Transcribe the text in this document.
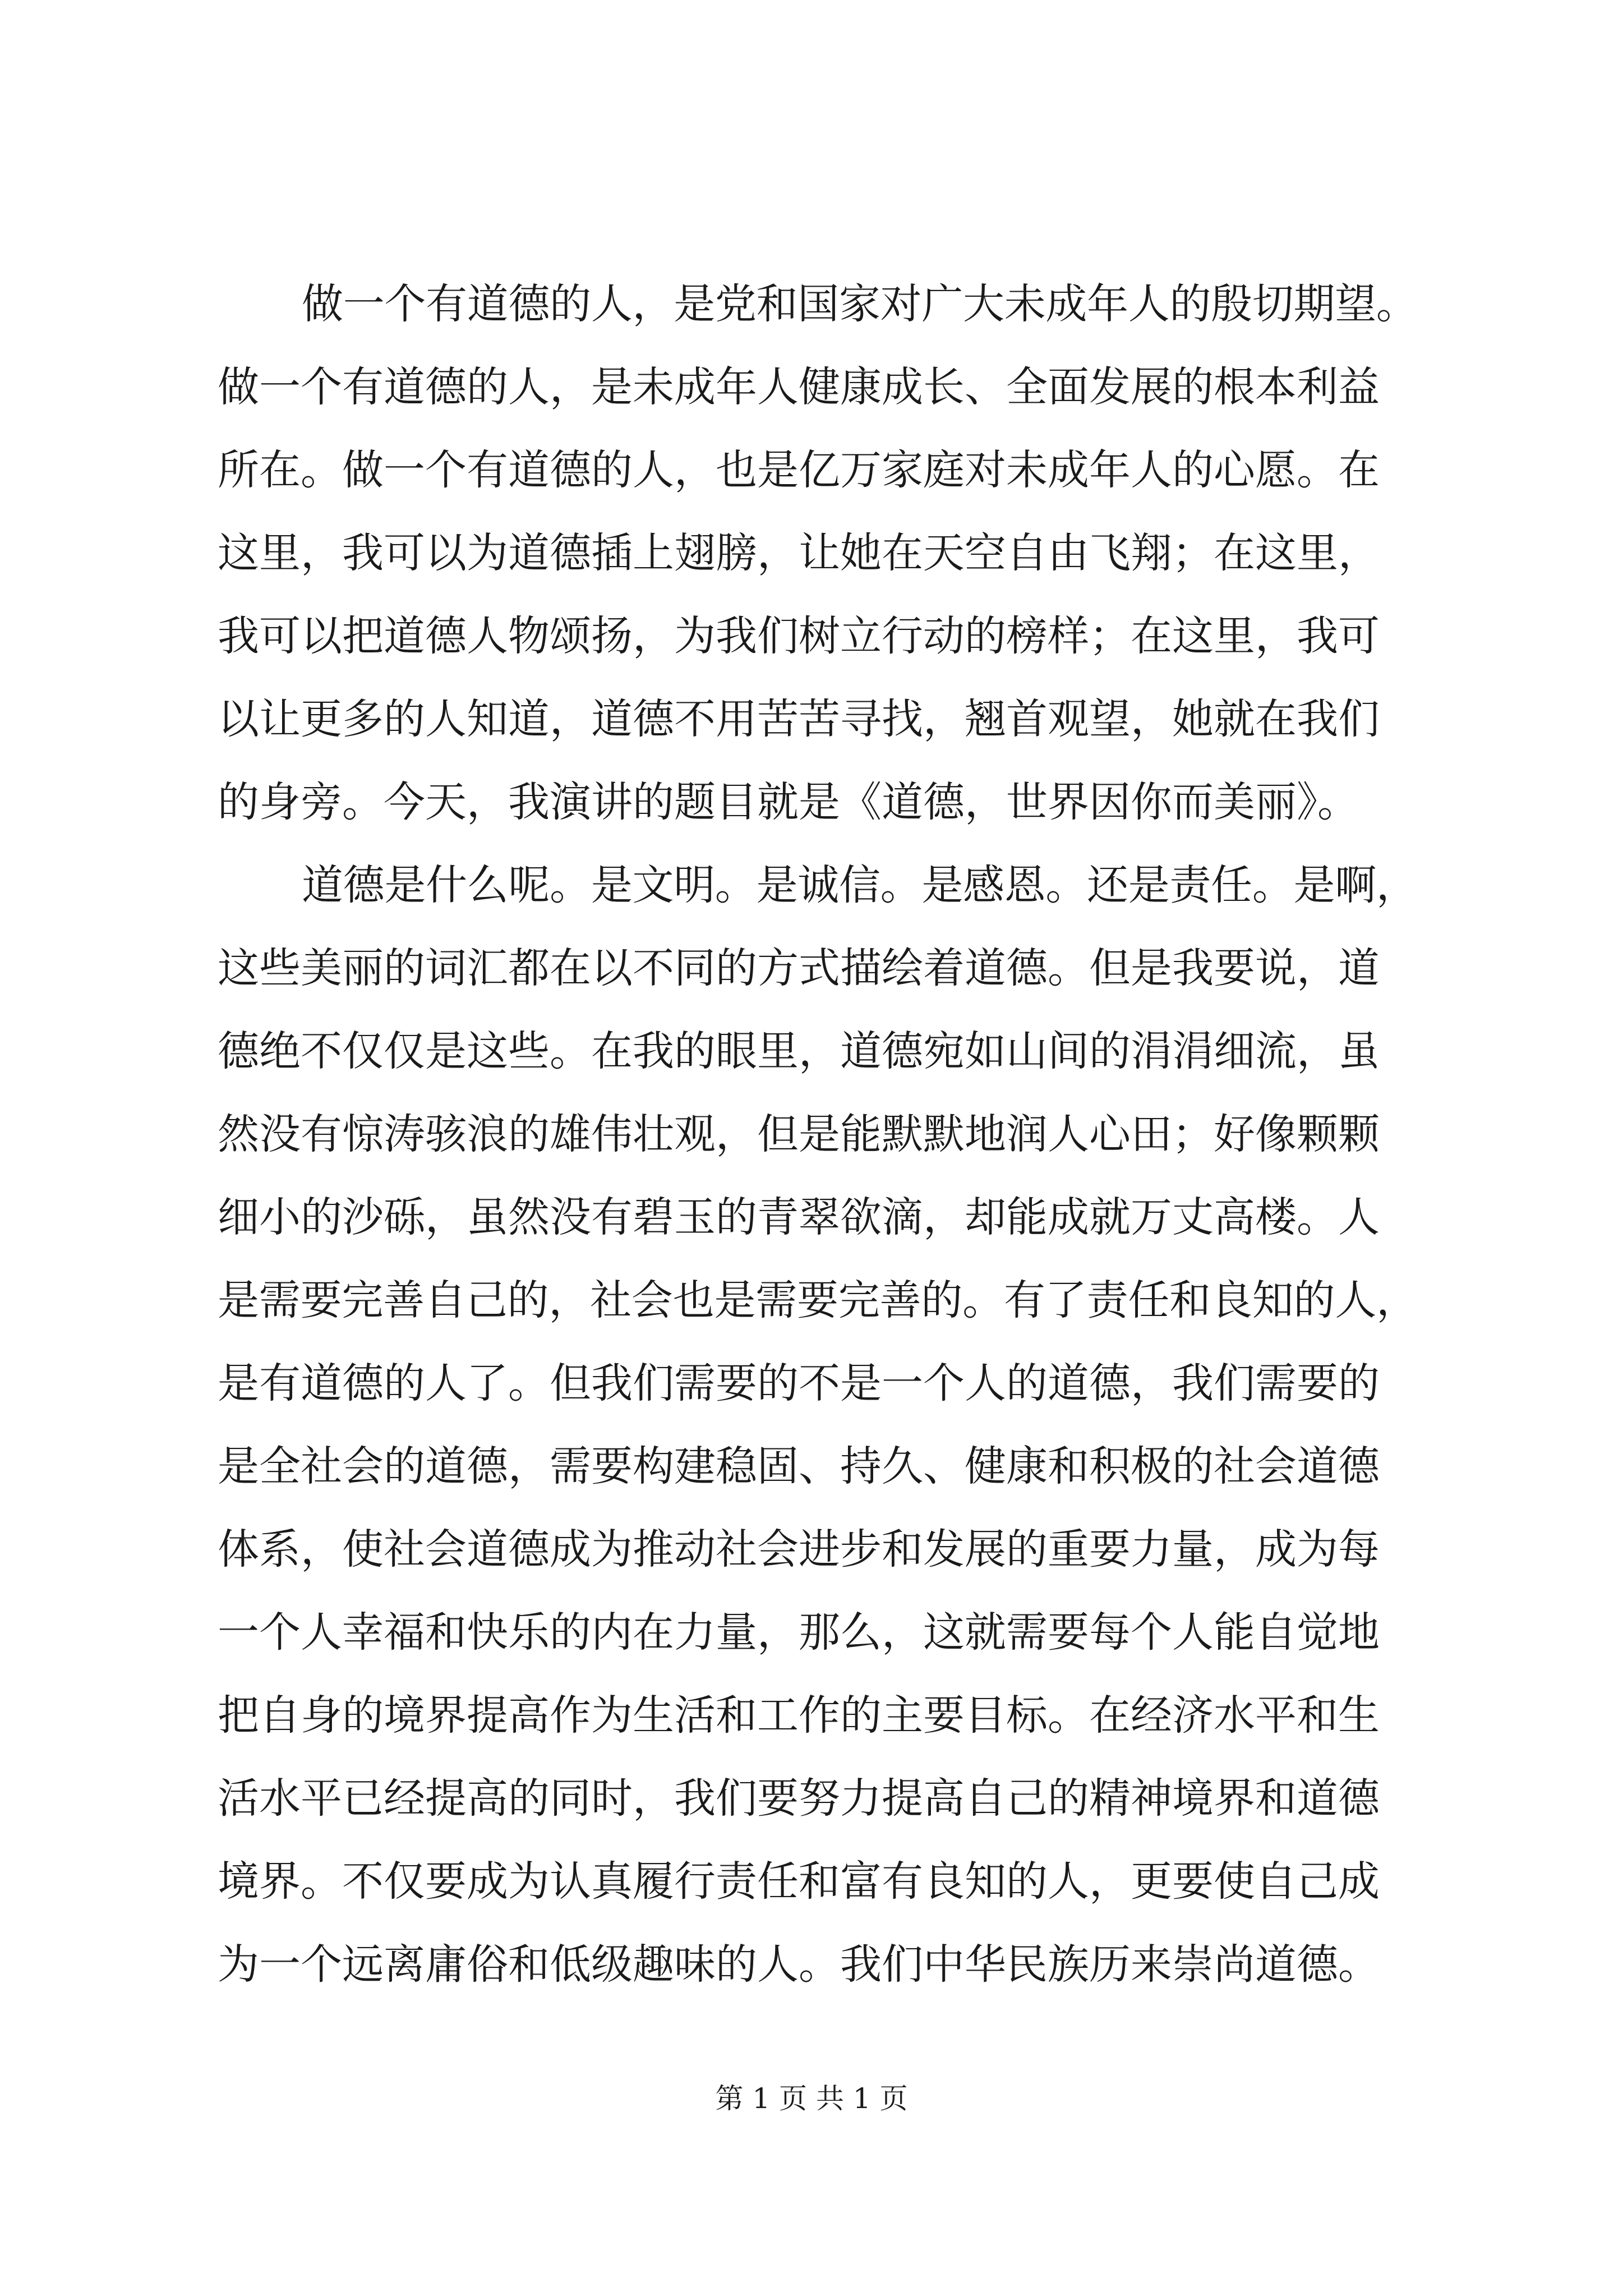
做一个有道德的人，是党和国家对广大未成年人的殷切期望。
做一个有道德的人，是未成年人健康成长、全面发展的根本利益
所在。做一个有道德的人，也是亿万家庭对未成年人的心愿。在
这里，我可以为道德插上翅膀，让她在天空自由飞翔；在这里，
我可以把道德人物颂扬，为我们树立行动的榜样；在这里，我可
以让更多的人知道，道德不用苦苦寻找，翘首观望，她就在我们
的身旁。今天，我演讲的题目就是《道德，世界因你而美丽》。
道德是什么呢。是文明。是诚信。是感恩。还是责任。是啊，
这些美丽的词汇都在以不同的方式描绘着道德。但是我要说，道
德绝不仅仅是这些。在我的眼里，道德宛如山间的涓涓细流，虽
然没有惊涛骇浪的雄伟壮观，但是能默默地润人心田；好像颗颗
细小的沙砾，虽然没有碧玉的青翠欲滴，却能成就万丈高楼。人
是需要完善自己的，社会也是需要完善的。有了责任和良知的人，
是有道德的人了。但我们需要的不是一个人的道德，我们需要的
是全社会的道德，需要构建稳固、持久、健康和积极的社会道德
体系，使社会道德成为推动社会进步和发展的重要力量，成为每
一个人幸福和快乐的内在力量，那么，这就需要每个人能自觉地
把自身的境界提高作为生活和工作的主要目标。在经济水平和生
活水平已经提高的同时，我们要努力提高自己的精神境界和道德
境界。不仅要成为认真履行责任和富有良知的人，更要使自己成
为一个远离庸俗和低级趣味的人。我们中华民族历来崇尚道德。
第 1 页 共 1 页
